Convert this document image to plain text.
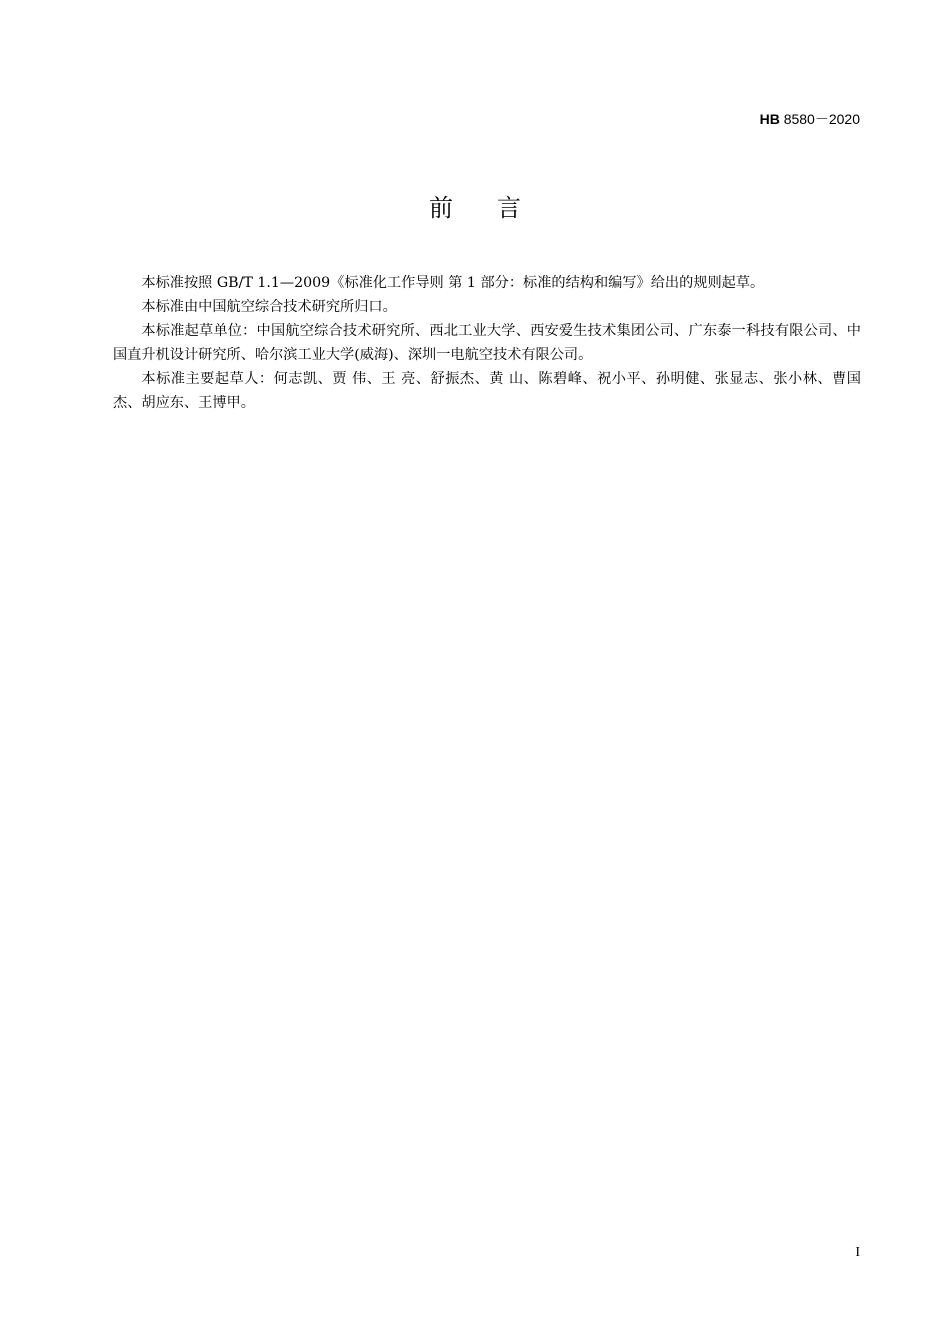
HB 8580－2020
前言

本标准按照 GB/T 1.1—2009《标准化工作导则 第 1 部分：标准的结构和编写》给出的规则起草。

本标准由中国航空综合技术研究所归口。

本标准起草单位：中国航空综合技术研究所、西北工业大学、西安爱生技术集团公司、广东泰一科技有限公司、中国直升机设计研究所、哈尔滨工业大学(威海)、深圳一电航空技术有限公司。

本标准主要起草人：何志凯、贾 伟、王 亮、舒振杰、黄 山、陈碧峰、祝小平、孙明健、张显志、张小林、曹国杰、胡应东、王博甲。

I
